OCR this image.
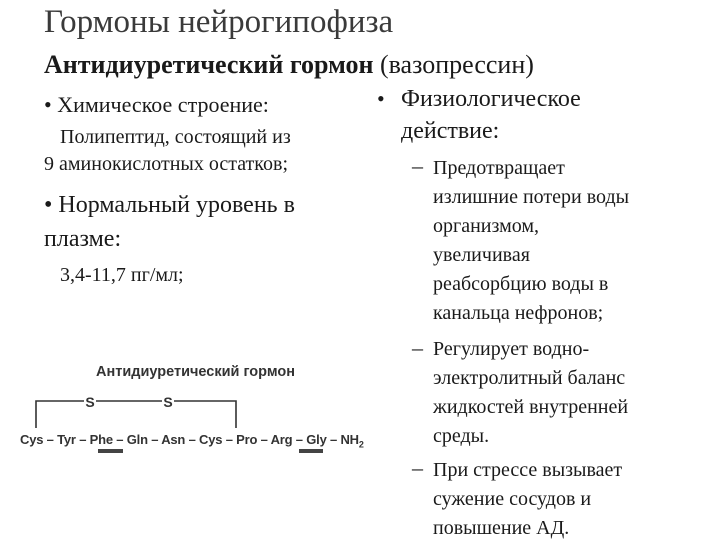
Гормоны нейрогипофиза
Антидиуретический гормон (вазопрессин)
• Химическое строение:
Полипептид, состоящий из
9 аминокислотных остатков;
• Нормальный уровень в
плазме:
3,4-11,7 пг/мл;
• Физиологическое
действие:
– Предотвращает
излишние потери воды
организмом,
увеличивая
реабсорбцию воды в
канальца нефронов;
– Регулирует водно-
электролитный баланс
жидкостей внутренней
среды.
– При стрессе вызывает
сужение сосудов и
повышение АД.
Антидиуретический гормон
S	S
Cys – Tyr – Phe – Gln – Asn – Cys – Pro – Arg – Gly – $NH_2$
